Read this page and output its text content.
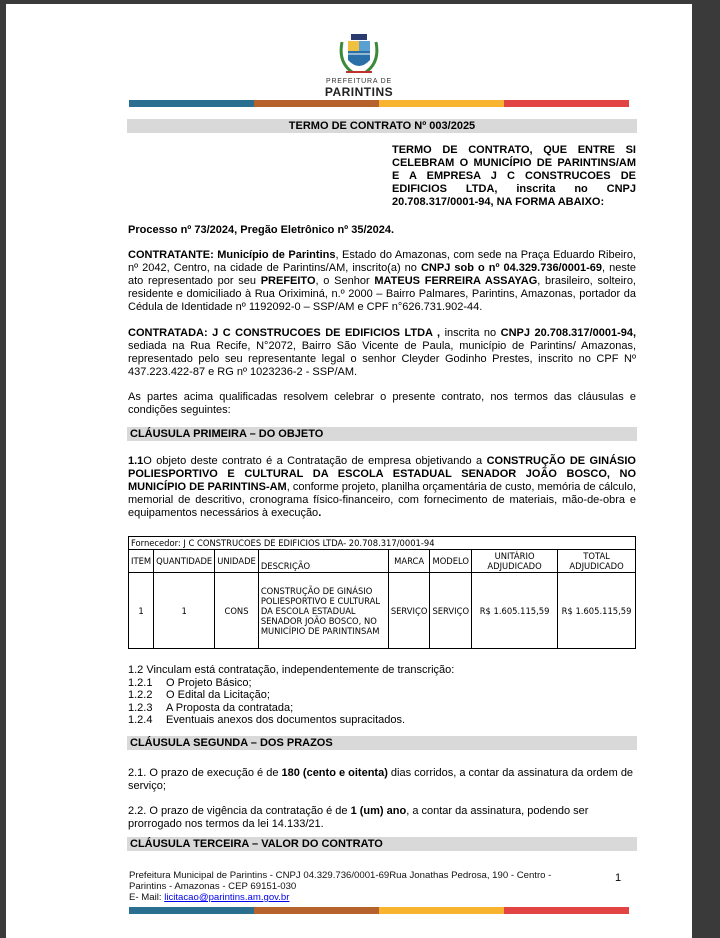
PREFEITURA DE
PARINTINS
TERMO DE CONTRATO Nº 003/2025
TERMO DE CONTRATO, QUE ENTRE SI CELEBRAM O MUNICÍPIO DE PARINTINS/AM E A EMPRESA J C CONSTRUCOES DE EDIFICIOS LTDA, inscrita no CNPJ 20.708.317/0001-94, NA FORMA ABAIXO:
Processo nº 73/2024, Pregão Eletrônico nº 35/2024.
CONTRATANTE: Município de Parintins, Estado do Amazonas, com sede na Praça Eduardo Ribeiro, nº 2042, Centro, na cidade de Parintins/AM, inscrito(a) no CNPJ sob o nº 04.329.736/0001-69, neste ato representado por seu PREFEITO, o Senhor MATEUS FERREIRA ASSAYAG, brasileiro, solteiro, residente e domiciliado à Rua Oriximiná, n.º 2000 – Bairro Palmares, Parintins, Amazonas, portador da Cédula de Identidade nº 1192092-0 – SSP/AM e CPF n°626.731.902-44.
CONTRATADA: J C CONSTRUCOES DE EDIFICIOS LTDA , inscrita no CNPJ 20.708.317/0001-94, sediada na Rua Recife, N°2072, Bairro São Vicente de Paula, município de Parintins/ Amazonas, representado pelo seu representante legal o senhor Cleyder Godinho Prestes, inscrito no CPF Nº 437.223.422-87 e RG nº 1023236-2 - SSP/AM.
As partes acima qualificadas resolvem celebrar o presente contrato, nos termos das cláusulas e condições seguintes:
CLÁUSULA PRIMEIRA – DO OBJETO
1.1O objeto deste contrato é a Contratação de empresa objetivando a CONSTRUÇÃO DE GINÁSIO POLIESPORTIVO E CULTURAL DA ESCOLA ESTADUAL SENADOR JOÃO BOSCO, NO MUNICÍPIO DE PARINTINS-AM, conforme projeto, planilha orçamentária de custo, memória de cálculo, memorial de descritivo, cronograma físico-financeiro, com fornecimento de materiais, mão-de-obra e equipamentos necessários à execução.
Fornecedor: J C CONSTRUCOES DE EDIFICIOS LTDA- 20.708.317/0001-94							
ITEM	QUANTIDADE	UNIDADE	DESCRIÇÃO	MARCA	MODELO	UNITÁRIO ADJUDICADO	TOTAL ADJUDICADO
1	1	CONS	CONSTRUÇÃO DE GINÁSIO POLIESPORTIVO E CULTURAL DA ESCOLA ESTADUAL SENADOR JOÃO BOSCO, NO MUNICÍPIO DE PARINTINSAM	SERVIÇO	SERVIÇO	R$ 1.605.115,59	R$ 1.605.115,59
1.2 Vinculam está contratação, independentemente de transcrição:
1.2.1 O Projeto Básico;
1.2.2 O Edital da Licitação;
1.2.3 A Proposta da contratada;
1.2.4 Eventuais anexos dos documentos supracitados.
CLÁUSULA SEGUNDA – DOS PRAZOS
2.1. O prazo de execução é de 180 (cento e oitenta) dias corridos, a contar da assinatura da ordem de serviço;
2.2. O prazo de vigência da contratação é de 1 (um) ano, a contar da assinatura, podendo ser prorrogado nos termos da lei 14.133/21.
CLÁUSULA TERCEIRA – VALOR DO CONTRATO
Prefeitura Municipal de Parintins - CNPJ 04.329.736/0001-69Rua Jonathas Pedrosa, 190 - Centro -
Parintins - Amazonas - CEP 69151-030
E- Mail: licitacao@parintins.am.gov.br
1
